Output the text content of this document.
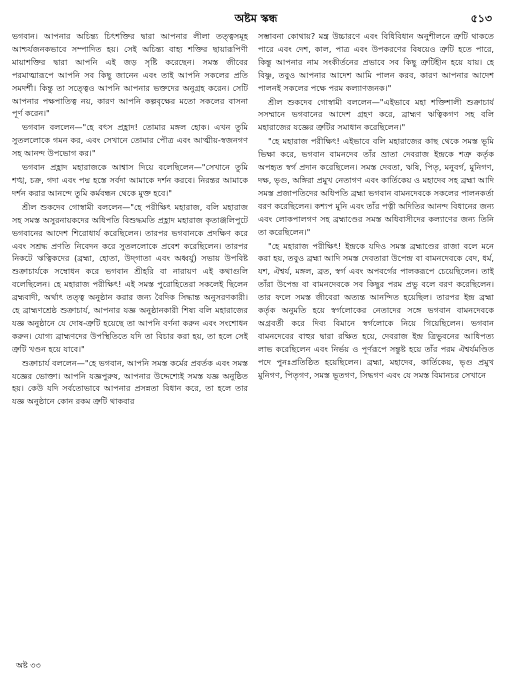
অষ্টম স্কন্ধ	৫১৩

ভগবান। আপনার অচিন্ত্য চিৎশক্তির দ্বারা আপনার লীলা তত্ত্বসমূহ আশ্চর্যজনকভাবে সম্পাদিত হয়। সেই অচিন্ত্য বাহ্য শক্তির ছায়ারূপিণী মায়াশক্তির দ্বারা আপনি এই জড় সৃষ্টি করেছেন। সমস্ত জীবের পরমাত্মারূপে আপনি সব কিছু জানেন এবং তাই আপনি সকলের প্রতি সমদর্শী। কিন্তু তা সত্ত্বেও আপনি আপনার ভক্তদের অনুগ্রহ করেন। সেটি আপনার পক্ষপাতিত্ব নয়, কারণ আপনি কল্পবৃক্ষের মতো সকলের বাসনা পূর্ণ করেন।"

ভগবান বললেন—"হে বৎস প্রহ্লাদ! তোমার মঙ্গল হোক। এখন তুমি সুতললোকে গমন কর, এবং সেখানে তোমার পৌত্র এবং আত্মীয়-স্বজনগণ সহ আনন্দ উপভোগ কর।"

ভগবান প্রহ্লাদ মহারাজকে আশ্বাস দিয়ে বলেছিলেন—"সেখানে তুমি শঙ্খ, চক্র, গদা এবং পদ্ম হস্তে সর্বদা আমাকে দর্শন করবে। নিরন্তর আমাকে দর্শন করার আনন্দে তুমি কর্মবন্ধন থেকে মুক্ত হবে।"

শ্রীল শুকদেব গোস্বামী বললেন—"হে পরীক্ষিৎ মহারাজ, বলি মহারাজ সহ সমস্ত অসুরনায়কদের অধিপতি বিশুদ্ধমতি প্রহ্লাদ মহারাজ কৃতাঞ্জলিপুটে ভগবানের আদেশ শিরোধার্য করেছিলেন। তারপর ভগবানকে প্রদক্ষিণ করে এবং সশ্রদ্ধ প্রণতি নিবেদন করে সুতললোকে প্রবেশ করেছিলেন। তারপর নিকটে ঋত্বিকদের (ব্রহ্মা, হোতা, উদ্‌গাতা এবং অধ্বর্যু) সভায় উপবিষ্ট শুক্রাচার্যকে সম্বোধন করে ভগবান শ্রীহরি বা নারায়ণ এই কথাগুলি বলেছিলেন। হে মহারাজ পরীক্ষিৎ! এই সমস্ত পুরোহিতেরা সকলেই ছিলেন ব্রহ্মবাদী, অর্থাৎ তত্ত্ব অনুষ্ঠান করার জন্য বৈদিক সিদ্ধান্ত অনুসরণকারী। হে ব্রাহ্মণশ্রেষ্ঠ শুক্রাচার্য, আপনার যজ্ঞ অনুষ্ঠানকারী শিষ্য বলি মহারাজের যজ্ঞ অনুষ্ঠানে যে দোষ-ত্রুটি হয়েছে তা আপনি বর্ণনা করুন এবং সংশোধন করুন। যোগ্য ব্রাহ্মণদের উপস্থিতিতে যদি তা বিচার করা হয়, তা হলে সেই ত্রুটি খণ্ডন হয়ে যাবে।"

শুক্রাচার্য বললেন—"হে ভগবান, আপনি সমস্ত কর্মের প্রবর্তক এবং সমস্ত যজ্ঞের ভোক্তা। আপনি যজ্ঞপুরুষ, আপনার উদ্দেশ্যেই সমস্ত যজ্ঞ অনুষ্ঠিত হয়। কেউ যদি সর্বতোভাবে আপনার প্রসন্নতা বিধান করে, তা হলে তার যজ্ঞ অনুষ্ঠানে কোন রকম ত্রুটি থাকবার

সম্ভাবনা কোথায়? মন্ত্র উচ্চারণে এবং বিধিবিধান অনুশীলনে ত্রুটি থাকতে পারে এবং দেশ, কাল, পাত্র এবং উপকরণের বিষয়েও ত্রুটি হতে পারে, কিন্তু আপনার নাম সংকীর্তনের প্রভাবে সব কিছু ত্রুটিহীন হয়ে যায়। হে বিষ্ণু, তবুও আপনার আদেশ আমি পালন করব, কারণ আপনার আদেশ পালনই সকলের পক্ষে পরম কল্যাণজনক।"

শ্রীল শুকদেব গোস্বামী বললেন—"এইভাবে মহা শক্তিশালী শুক্রাচার্য সসম্মানে ভগবানের আদেশ গ্রহণ করে, ব্রাহ্মণ ঋত্বিকগণ সহ বলি মহারাজের যজ্ঞের ত্রুটির সমাধান করেছিলেন।"

"হে মহারাজ পরীক্ষিৎ! এইভাবে বলি মহারাজের কাছ থেকে সমস্ত ভূমি ভিক্ষা করে, ভগবান বামনদেব তাঁর ভ্রাতা দেবরাজ ইন্দ্রকে শত্রু কর্তৃক অপহৃত স্বর্গ প্রদান করেছিলেন। সমস্ত দেবতা, ঋষি, পিতৃ, মনুবর্গ, মুনিগণ, দক্ষ, ভৃগু, অঙ্গিরা প্রমুখ নেতাগণ এবং কার্তিকেয় ও মহাদেব সহ ব্রহ্মা আদি সমস্ত প্রজাপতিদের অধিপতি ব্রহ্মা ভগবান বামনদেবকে সকলের পালনকর্তা বরণ করেছিলেন। কশ্যপ মুনি এবং তাঁর পত্নী অদিতির আনন্দ বিধানের জন্য এবং লোকপালগণ সহ ব্রহ্মাণ্ডের সমস্ত অধিবাসীদের কল্যাণের জন্য তিনি তা করেছিলেন।"

"হে মহারাজ পরীক্ষিৎ! ইন্দ্রকে যদিও সমস্ত ব্রহ্মাণ্ডের রাজা বলে মনে করা হয়, তবুও ব্রহ্মা আদি সমস্ত দেবতারা উপেন্দ্র বা বামনদেবকে বেদ, ধর্ম, যশ, ঐশ্বর্য, মঙ্গল, ব্রত, স্বর্গ এবং অপবর্গের পালকরূপে চেয়েছিলেন। তাই তাঁরা উপেন্দ্র বা বামনদেবকে সব কিছুর পরম প্রভু বলে বরণ করেছিলেন। তার ফলে সমস্ত জীবেরা অত্যন্ত আনন্দিত হয়েছিল। তারপর ইন্দ্র ব্রহ্মা কর্তৃক অনুমতি হয়ে স্বর্গলোকের নেতাদের সঙ্গে ভগবান বামনদেবকে অগ্রবর্তী করে দিব্য বিমানে স্বর্গলোকে নিয়ে গিয়েছিলেন। ভগবান বামনদেবের বাহুর দ্বারা রক্ষিত হয়ে, দেবরাজ ইন্দ্র ত্রিভুবনের আধিপত্য লাভ করেছিলেন এবং নির্ভয় ও পূর্ণরূপে সন্তুষ্ট হয়ে তাঁর পরম ঐশ্বর্যমণ্ডিত পদে পুনঃপ্রতিষ্ঠিত হয়েছিলেন। ব্রহ্মা, মহাদেব, কার্তিকেয়, ভৃগু প্রমুখ মুনিগণ, পিতৃগণ, সমস্ত ভূতগণ, সিদ্ধগণ এবং যে সমস্ত বিমানচর সেখানে

অষ্ট ৩৩
